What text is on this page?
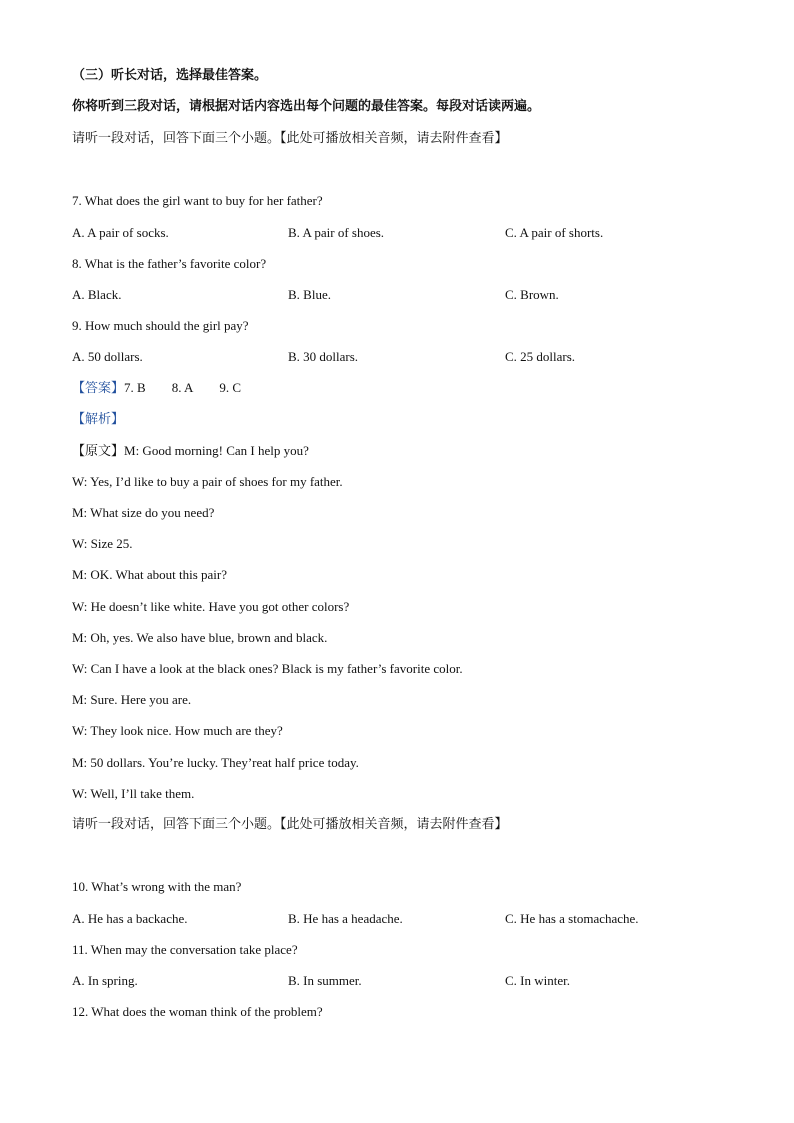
（三）听长对话，选择最佳答案。
你将听到三段对话，请根据对话内容选出每个问题的最佳答案。每段对话读两遍。
请听一段对话，回答下面三个小题。【此处可播放相关音频，请去附件查看】
7. What does the girl want to buy for her father?
A. A pair of socks.	B. A pair of shoes.	C. A pair of shorts.
8. What is the father’s favorite color?
A. Black.	B. Blue.	C. Brown.
9. How much should the girl pay?
A. 50 dollars.	B. 30 dollars.	C. 25 dollars.
【答案】7. B 8. A 9. C
【解析】
【原文】M: Good morning! Can I help you?
W: Yes, I’d like to buy a pair of shoes for my father.
M: What size do you need?
W: Size 25.
M: OK. What about this pair?
W: He doesn’t like white. Have you got other colors?
M: Oh, yes. We also have blue, brown and black.
W: Can I have a look at the black ones? Black is my father’s favorite color.
M: Sure. Here you are.
W: They look nice. How much are they?
M: 50 dollars. You’re lucky. They’reat half price today.
W: Well, I’ll take them.
请听一段对话，回答下面三个小题。【此处可播放相关音频，请去附件查看】
10. What’s wrong with the man?
A. He has a backache.	B. He has a headache.	C. He has a stomachache.
11. When may the conversation take place?
A. In spring.	B. In summer.	C. In winter.
12. What does the woman think of the problem?
